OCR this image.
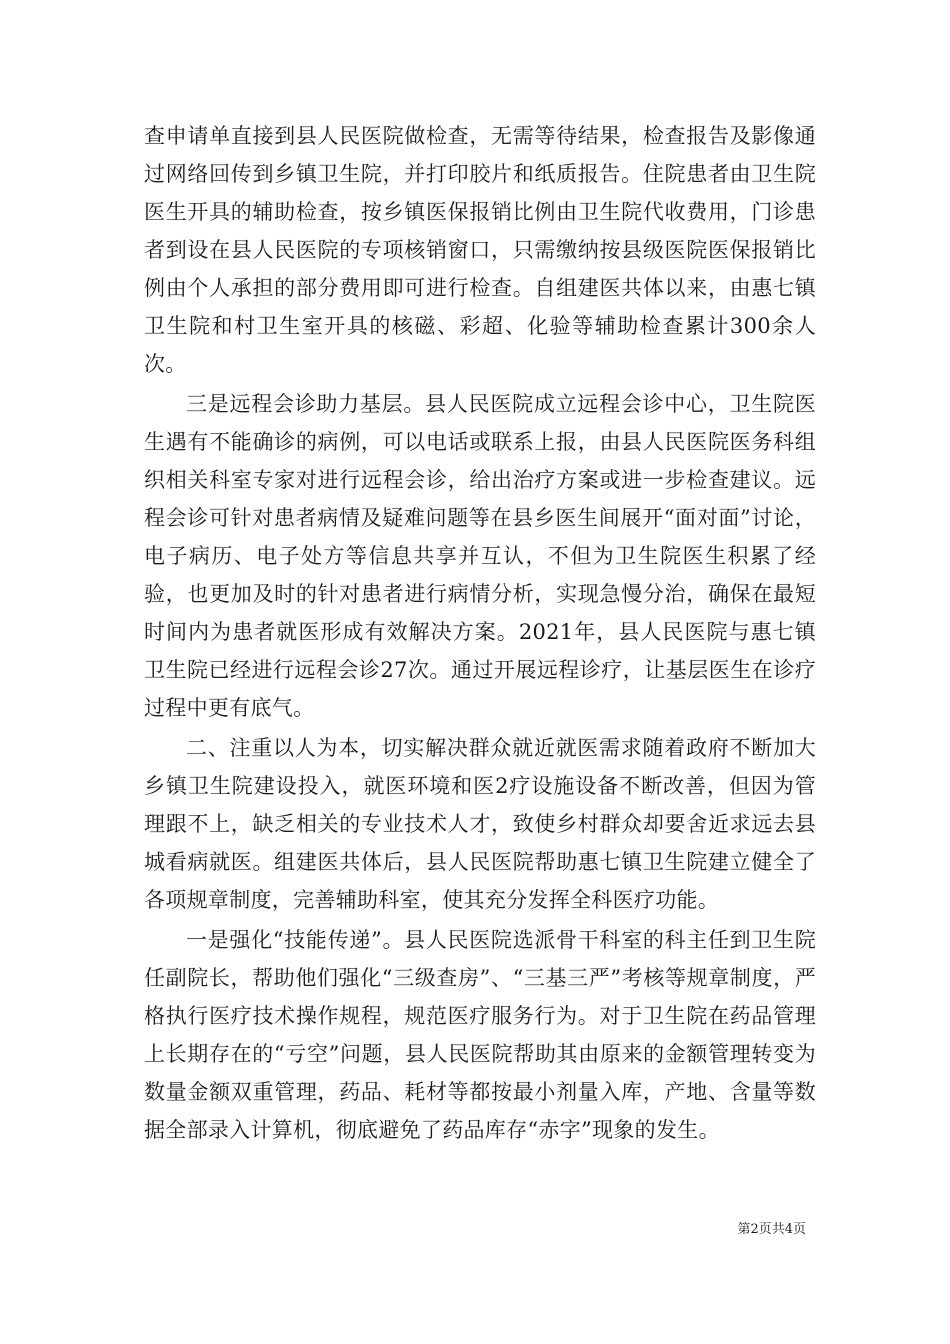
查申请单直接到县人民医院做检查，无需等待结果，检查报告及影像通过网络回传到乡镇卫生院，并打印胶片和纸质报告。住院患者由卫生院医生开具的辅助检查，按乡镇医保报销比例由卫生院代收费用，门诊患者到设在县人民医院的专项核销窗口，只需缴纳按县级医院医保报销比例由个人承担的部分费用即可进行检查。自组建医共体以来，由惠七镇卫生院和村卫生室开具的核磁、彩超、化验等辅助检查累计300余人次。

三是远程会诊助力基层。县人民医院成立远程会诊中心，卫生院医生遇有不能确诊的病例，可以电话或联系上报，由县人民医院医务科组织相关科室专家对进行远程会诊，给出治疗方案或进一步检查建议。远程会诊可针对患者病情及疑难问题等在县乡医生间展开“面对面”讨论，电子病历、电子处方等信息共享并互认，不但为卫生院医生积累了经验，也更加及时的针对患者进行病情分析，实现急慢分治，确保在最短时间内为患者就医形成有效解决方案。2021年，县人民医院与惠七镇卫生院已经进行远程会诊27次。通过开展远程诊疗，让基层医生在诊疗过程中更有底气。

二、注重以人为本，切实解决群众就近就医需求随着政府不断加大乡镇卫生院建设投入，就医环境和医2疗设施设备不断改善，但因为管理跟不上，缺乏相关的专业技术人才，致使乡村群众却要舍近求远去县城看病就医。组建医共体后，县人民医院帮助惠七镇卫生院建立健全了各项规章制度，完善辅助科室，使其充分发挥全科医疗功能。

一是强化“技能传递”。县人民医院选派骨干科室的科主任到卫生院任副院长，帮助他们强化“三级查房”、“三基三严”考核等规章制度，严格执行医疗技术操作规程，规范医疗服务行为。对于卫生院在药品管理上长期存在的“亏空”问题，县人民医院帮助其由原来的金额管理转变为数量金额双重管理，药品、耗材等都按最小剂量入库，产地、含量等数据全部录入计算机，彻底避免了药品库存“赤字”现象的发生。

第2页共4页
